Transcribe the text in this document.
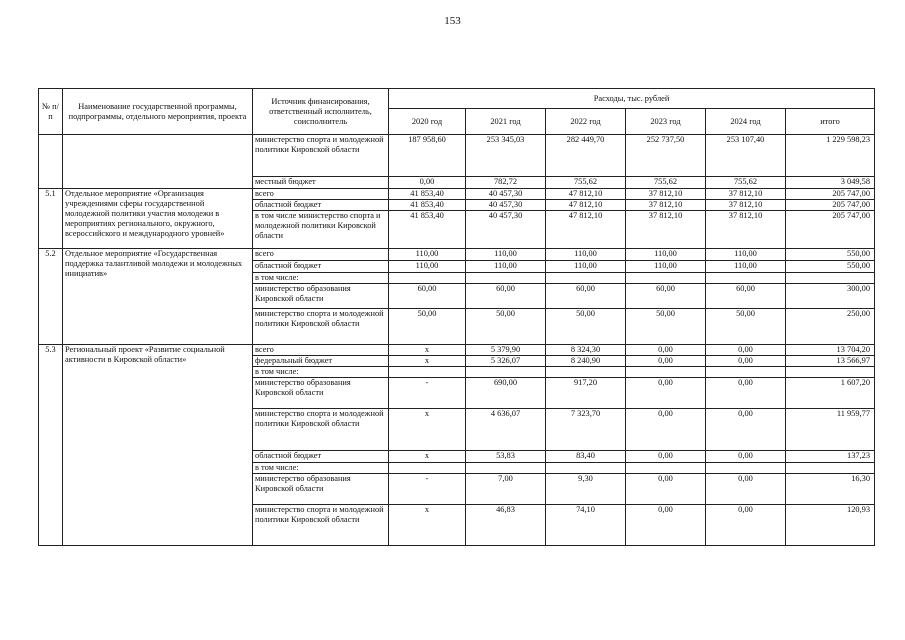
153
№ п/п	Наименование государственной программы, подпрограммы, отдельного мероприятия, проекта	Источник финансирования, ответственный исполнитель, соисполнитель	Расходы, тыс. рублей					
			2020 год	2021 год	2022 год	2023 год	2024 год	итого
		министерство спорта и молодежной политики Кировской области	187 958,60	253 345,03	282 449,70	252 737,50	253 107,40	1 229 598,23
		местный бюджет	0,00	782,72	755,62	755,62	755,62	3 049,58
5.1	Отдельное мероприятие «Организация учреждениями сферы государственной молодежной политики участия молодежи в мероприятиях регионального, окружного, всероссийского и международного уровней»	всего	41 853,40	40 457,30	47 812,10	37 812,10	37 812,10	205 747,00
		областной бюджет	41 853,40	40 457,30	47 812,10	37 812,10	37 812,10	205 747,00
		в том числе министерство спорта и молодежной политики Кировской области	41 853,40	40 457,30	47 812,10	37 812,10	37 812,10	205 747,00
5.2	Отдельное мероприятие «Государственная поддержка талантливой молодежи и молодежных инициатив»	всего	110,00	110,00	110,00	110,00	110,00	550,00
		областной бюджет	110,00	110,00	110,00	110,00	110,00	550,00
		в том числе:						
		министерство образования Кировской области	60,00	60,00	60,00	60,00	60,00	300,00
		министерство спорта и молодежной политики Кировской области	50,00	50,00	50,00	50,00	50,00	250,00
5.3	Региональный проект «Развитие социальной активности в Кировской области»	всего	х	5 379,90	8 324,30	0,00	0,00	13 704,20
		федеральный бюджет	х	5 326,07	8 240,90	0,00	0,00	13 566,97
		в том числе:						
		министерство образования Кировской области	-	690,00	917,20	0,00	0,00	1 607,20
		министерство спорта и молодежной политики Кировской области	х	4 636,07	7 323,70	0,00	0,00	11 959,77
		областной бюджет	х	53,83	83,40	0,00	0,00	137,23
		в том числе:						
		министерство образования Кировской области	-	7,00	9,30	0,00	0,00	16,30
		министерство спорта и молодежной политики Кировской области	х	46,83	74,10	0,00	0,00	120,93
